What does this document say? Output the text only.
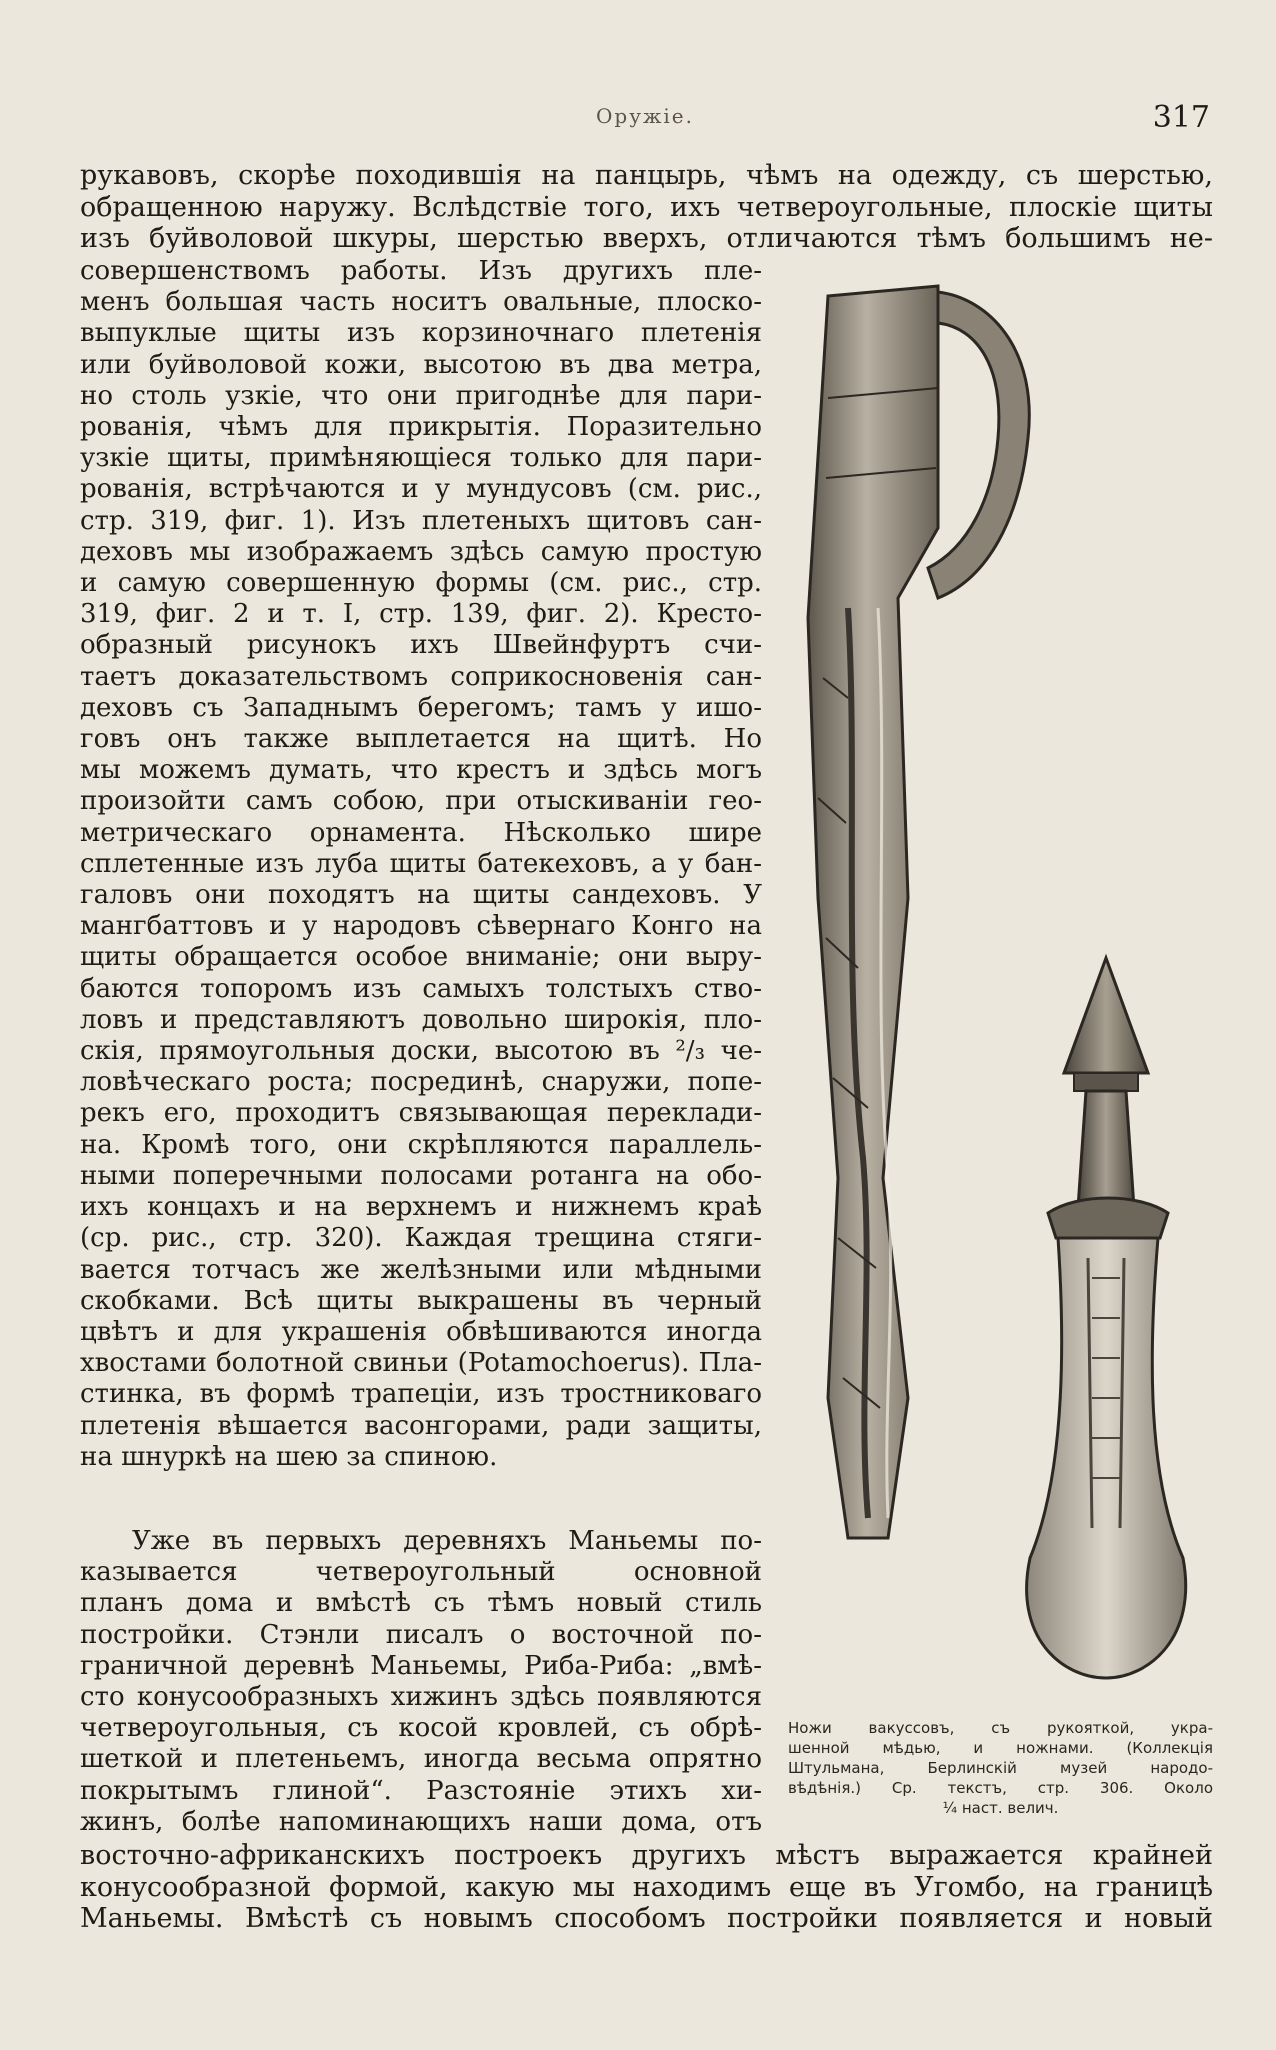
Оружіе.	317
рукавовъ, скорѣе походившія на панцырь, чѣмъ на одежду, съ шерстью,
обращенною наружу. Вслѣдствіе того, ихъ четвероугольные, плоскіе щиты
изъ буйволовой шкуры, шерстью вверхъ, отличаются тѣмъ большимъ не-
совершенствомъ работы. Изъ другихъ пле-
менъ большая часть носитъ овальные, плоско-
выпуклые щиты изъ корзиночнаго плетенія
или буйволовой кожи, высотою въ два метра,
но столь узкіе, что они пригоднѣе для пари-
рованія, чѣмъ для прикрытія. Поразительно
узкіе щиты, примѣняющіеся только для пари-
рованія, встрѣчаются и у мундусовъ (см. рис.,
стр. 319, фиг. 1). Изъ плетеныхъ щитовъ сан-
деховъ мы изображаемъ здѣсь самую простую
и самую совершенную формы (см. рис., стр.
319, фиг. 2 и т. I, стр. 139, фиг. 2). Кресто-
образный рисунокъ ихъ Швейнфуртъ счи-
таетъ доказательствомъ соприкосновенія сан-
деховъ съ Западнымъ берегомъ; тамъ у ишо-
говъ онъ также выплетается на щитѣ. Но
мы можемъ думать, что крестъ и здѣсь могъ
произойти самъ собою, при отыскиваніи гео-
метрическаго орнамента. Нѣсколько шире
сплетенные изъ луба щиты батекеховъ, а у бан-
галовъ они походятъ на щиты сандеховъ. У
мангбаттовъ и у народовъ сѣвернаго Конго на
щиты обращается особое вниманіе; они выру-
баются топоромъ изъ самыхъ толстыхъ ство-
ловъ и представляютъ довольно широкія, пло-
скія, прямоугольныя доски, высотою въ ²/₃ че-
ловѣческаго роста; посрединѣ, снаружи, попе-
рекъ его, проходитъ связывающая переклади-
на. Кромѣ того, они скрѣпляются параллель-
ными поперечными полосами ротанга на обо-
ихъ концахъ и на верхнемъ и нижнемъ краѣ
(ср. рис., стр. 320). Каждая трещина стяги-
вается тотчасъ же желѣзными или мѣдными
скобками. Всѣ щиты выкрашены въ черный
цвѣтъ и для украшенія обвѣшиваются иногда
хвостами болотной свиньи (Potamochoerus). Пла-
стинка, въ формѣ трапеціи, изъ тростниковаго
плетенія вѣшается васонгорами, ради защиты,
на шнуркѣ на шею за спиною.
Уже въ первыхъ деревняхъ Маньемы по-
казывается четвероугольный основной
планъ дома и вмѣстѣ съ тѣмъ новый стиль
постройки. Стэнли писалъ о восточной по-
граничной деревнѣ Маньемы, Риба-Риба: „вмѣ-
сто конусообразныхъ хижинъ здѣсь появляются
четвероугольныя, съ косой кровлей, съ обрѣ-
шеткой и плетеньемъ, иногда весьма опрятно
покрытымъ глиной“. Разстояніе этихъ хи-
жинъ, болѣе напоминающихъ наши дома, отъ
Ножи вакуссовъ, съ рукояткой, укра-
шенной мѣдью, и ножнами. (Коллекція
Штульмана, Берлинскій музей народо-
вѣдѣнія.) Ср. текстъ, стр. 306. Около
¼ наст. велич.
восточно-африканскихъ построекъ другихъ мѣстъ выражается крайней
конусообразной формой, какую мы находимъ еще въ Угомбо, на границѣ
Маньемы. Вмѣстѣ съ новымъ способомъ постройки появляется и новый
